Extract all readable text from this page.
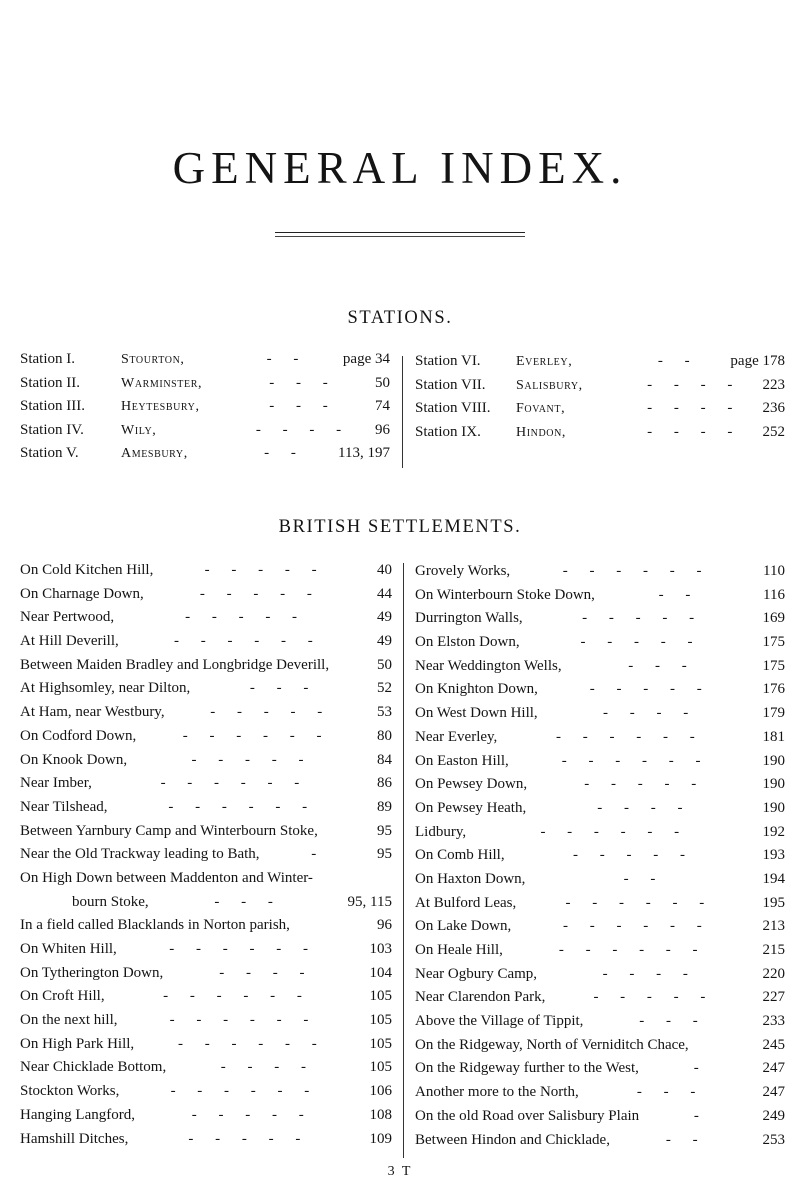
GENERAL INDEX.
STATIONS.
Station I.	Stourton,	- -	page 34
Station II.	Warminster,	- - -	50
Station III.	Heytesbury,	- - -	74
Station IV.	Wily,	- - - -	96
Station V.	Amesbury,	- -	113, 197
Station VI.	Everley,	- -	page 178
Station VII.	Salisbury,	- - - -	223
Station VIII.	Fovant,	- - - -	236
Station IX.	Hindon,	- - - -	252
BRITISH SETTLEMENTS.
On Cold Kitchen Hill,	- - - - -	40
On Charnage Down,	- - - - -	44
Near Pertwood,	- - - - -	49
At Hill Deverill,	- - - - - -	49
Between Maiden Bradley and Longbridge Deverill,	50
At Highsomley, near Dilton,	- - -	52
At Ham, near Westbury,	- - - - -	53
On Codford Down,	- - - - - -	80
On Knook Down,	- - - - -	84
Near Imber,	- - - - - -	86
Near Tilshead,	- - - - - -	89
Between Yarnbury Camp and Winterbourn Stoke,	95
Near the Old Trackway leading to Bath,	-	95
On High Down between Maddenton and Winter-
bourn Stoke,	- - -	95, 115
In a field called Blacklands in Norton parish,	96
On Whiten Hill,	- - - - - -	103
On Tytherington Down,	- - - -	104
On Croft Hill,	- - - - - -	105
On the next hill,	- - - - - -	105
On High Park Hill,	- - - - - -	105
Near Chicklade Bottom,	- - - -	105
Stockton Works,	- - - - - -	106
Hanging Langford,	- - - - -	108
Hamshill Ditches,	- - - - -	109
Grovely Works,	- - - - - -	110
On Winterbourn Stoke Down,	- -	116
Durrington Walls,	- - - - -	169
On Elston Down,	- - - - -	175
Near Weddington Wells,	- - -	175
On Knighton Down,	- - - - -	176
On West Down Hill,	- - - -	179
Near Everley,	- - - - - -	181
On Easton Hill,	- - - - - -	190
On Pewsey Down,	- - - - -	190
On Pewsey Heath,	- - - -	190
Lidbury,	- - - - - -	192
On Comb Hill,	- - - - -	193
On Haxton Down,	- -	194
At Bulford Leas,	- - - - - -	195
On Lake Down,	- - - - - -	213
On Heale Hill,	- - - - - -	215
Near Ogbury Camp,	- - - -	220
Near Clarendon Park,	- - - - -	227
Above the Village of Tippit,	- - -	233
On the Ridgeway, North of Verniditch Chace,	245
On the Ridgeway further to the West,	-	247
Another more to the North,	- - -	247
On the old Road over Salisbury Plain	-	249
Between Hindon and Chicklade,	- -	253
3 T
